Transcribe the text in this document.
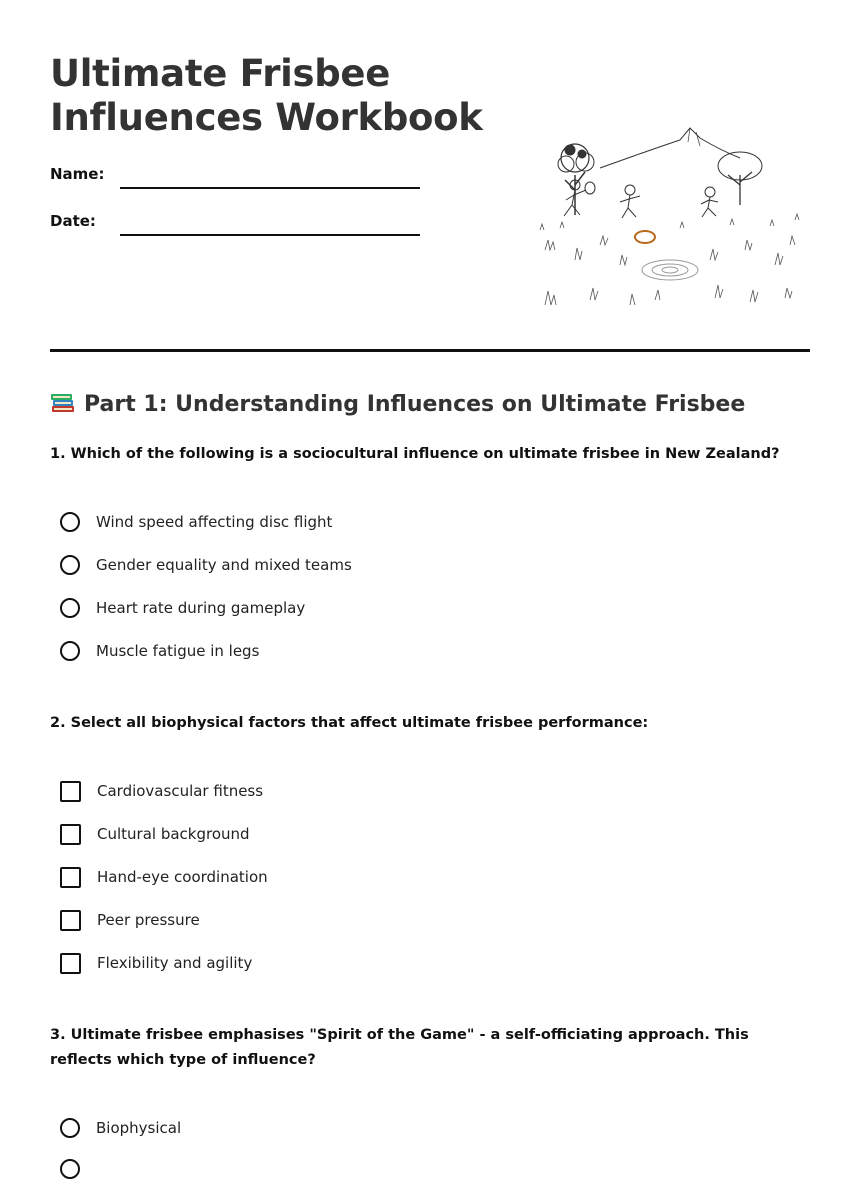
Ultimate Frisbee
Influences Workbook
Name:
Date:
Part 1: Understanding Influences on Ultimate Frisbee

1. Which of the following is a sociocultural influence on ultimate frisbee in New Zealand?

Wind speed affecting disc flight
Gender equality and mixed teams
Heart rate during gameplay
Muscle fatigue in legs

2. Select all biophysical factors that affect ultimate frisbee performance:

Cardiovascular fitness
Cultural background
Hand-eye coordination
Peer pressure
Flexibility and agility

3. Ultimate frisbee emphasises "Spirit of the Game" - a self-officiating approach. This reflects which type of influence?

Biophysical
